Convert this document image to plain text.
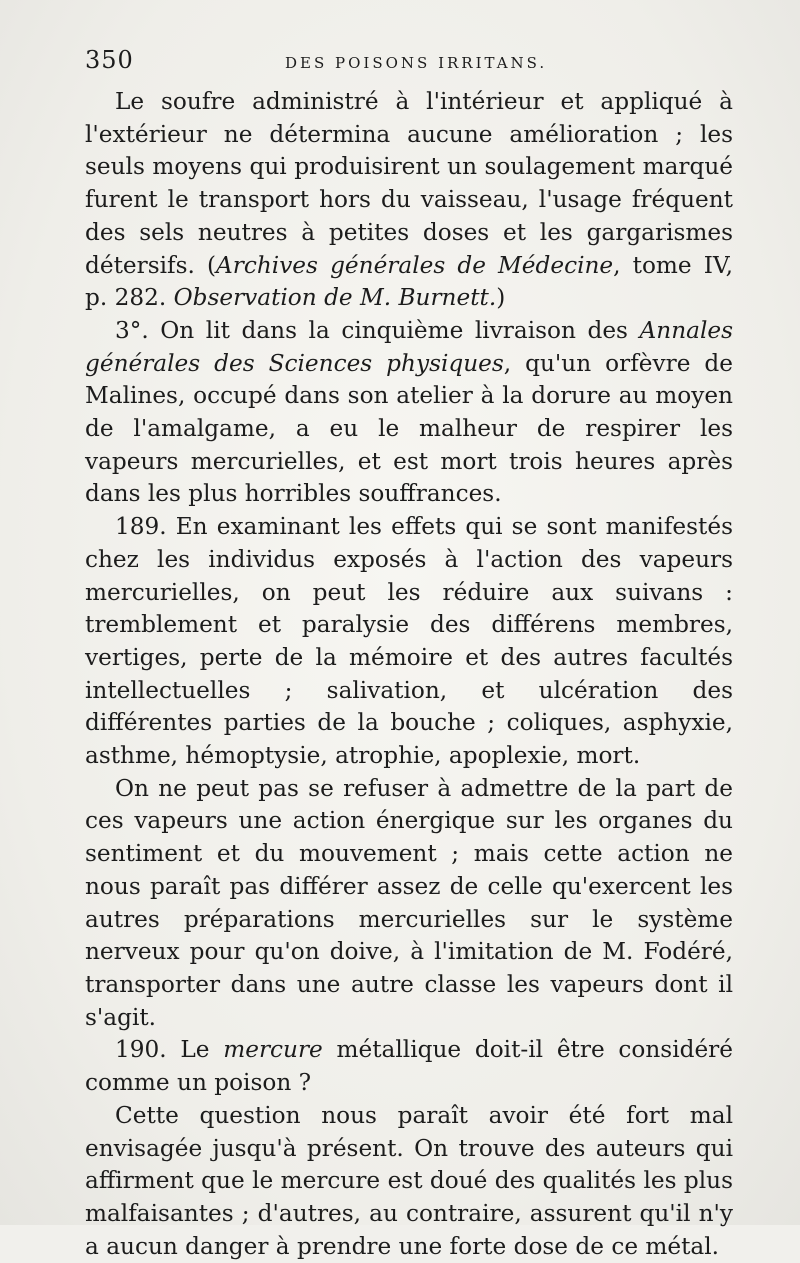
350	DES POISONS IRRITANS.

Le soufre administré à l'intérieur et appliqué à l'extérieur ne détermina aucune amélioration ; les seuls moyens qui produisirent un soulagement marqué furent le transport hors du vaisseau, l'usage fréquent des sels neutres à petites doses et les gargarismes détersifs. (Archives générales de Médecine, tome IV, p. 282. Observation de M. Burnett.)

3°. On lit dans la cinquième livraison des Annales générales des Sciences physiques, qu'un orfèvre de Malines, occupé dans son atelier à la dorure au moyen de l'amalgame, a eu le malheur de respirer les vapeurs mercurielles, et est mort trois heures après dans les plus horribles souffrances.

189. En examinant les effets qui se sont manifestés chez les individus exposés à l'action des vapeurs mercurielles, on peut les réduire aux suivans : tremblement et paralysie des différens membres, vertiges, perte de la mémoire et des autres facultés intellectuelles ; salivation, et ulcération des différentes parties de la bouche ; coliques, asphyxie, asthme, hémoptysie, atrophie, apoplexie, mort.

On ne peut pas se refuser à admettre de la part de ces vapeurs une action énergique sur les organes du sentiment et du mouvement ; mais cette action ne nous paraît pas différer assez de celle qu'exercent les autres préparations mercurielles sur le système nerveux pour qu'on doive, à l'imitation de M. Fodéré, transporter dans une autre classe les vapeurs dont il s'agit.

190. Le mercure métallique doit-il être considéré comme un poison ?

Cette question nous paraît avoir été fort mal envisagée jusqu'à présent. On trouve des auteurs qui affirment que le mercure est doué des qualités les plus malfaisantes ; d'autres, au contraire, assurent qu'il n'y a aucun danger à prendre une forte dose de ce métal.
